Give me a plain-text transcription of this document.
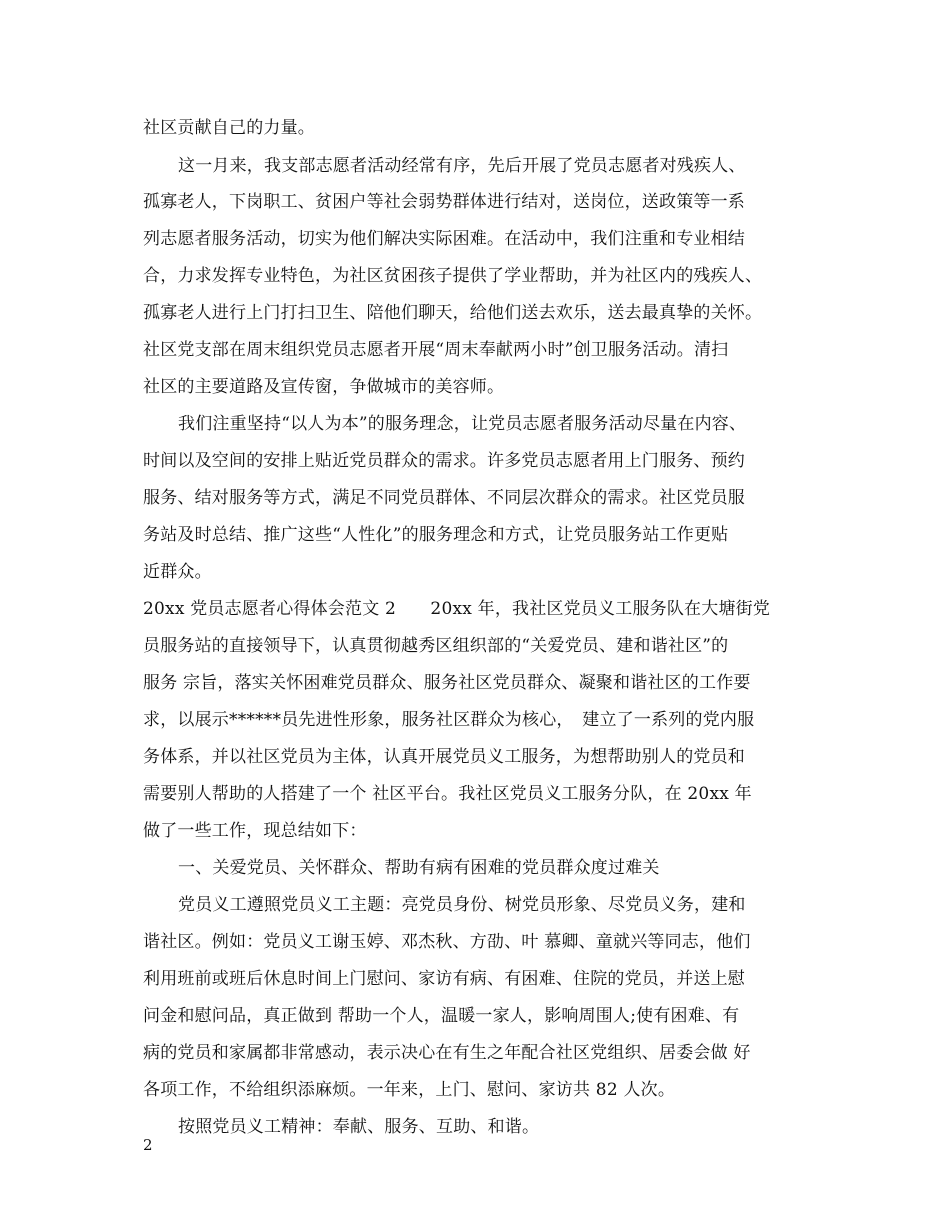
社区贡献自己的力量。
这一月来，我支部志愿者活动经常有序，先后开展了党员志愿者对残疾人、
孤寡老人，下岗职工、贫困户等社会弱势群体进行结对，送岗位，送政策等一系
列志愿者服务活动，切实为他们解决实际困难。在活动中，我们注重和专业相结
合，力求发挥专业特色，为社区贫困孩子提供了学业帮助，并为社区内的残疾人、
孤寡老人进行上门打扫卫生、陪他们聊天，给他们送去欢乐，送去最真挚的关怀。
社区党支部在周末组织党员志愿者开展“周末奉献两小时”创卫服务活动。清扫
社区的主要道路及宣传窗，争做城市的美容师。
我们注重坚持“以人为本”的服务理念，让党员志愿者服务活动尽量在内容、
时间以及空间的安排上贴近党员群众的需求。许多党员志愿者用上门服务、预约
服务、结对服务等方式，满足不同党员群体、不同层次群众的需求。社区党员服
务站及时总结、推广这些“人性化”的服务理念和方式，让党员服务站工作更贴
近群众。
20xx 党员志愿者心得体会范文 2　　20xx 年，我社区党员义工服务队在大塘街党
员服务站的直接领导下，认真贯彻越秀区组织部的“关爱党员、建和谐社区”的
服务 宗旨，落实关怀困难党员群众、服务社区党员群众、凝聚和谐社区的工作要
求，以展示******员先进性形象，服务社区群众为核心，　建立了一系列的党内服
务体系，并以社区党员为主体，认真开展党员义工服务，为想帮助别人的党员和
需要别人帮助的人搭建了一个 社区平台。我社区党员义工服务分队，在 20xx 年
做了一些工作，现总结如下：
一、关爱党员、关怀群众、帮助有病有困难的党员群众度过难关
党员义工遵照党员义工主题：亮党员身份、树党员形象、尽党员义务，建和
谐社区。例如：党员义工谢玉婷、邓杰秋、方劭、叶 慕卿、童就兴等同志，他们
利用班前或班后休息时间上门慰问、家访有病、有困难、住院的党员，并送上慰
问金和慰问品，真正做到 帮助一个人，温暖一家人，影响周围人;使有困难、有
病的党员和家属都非常感动，表示决心在有生之年配合社区党组织、居委会做 好
各项工作，不给组织添麻烦。一年来，上门、慰问、家访共 82 人次。
按照党员义工精神：奉献、服务、互助、和谐。
2
